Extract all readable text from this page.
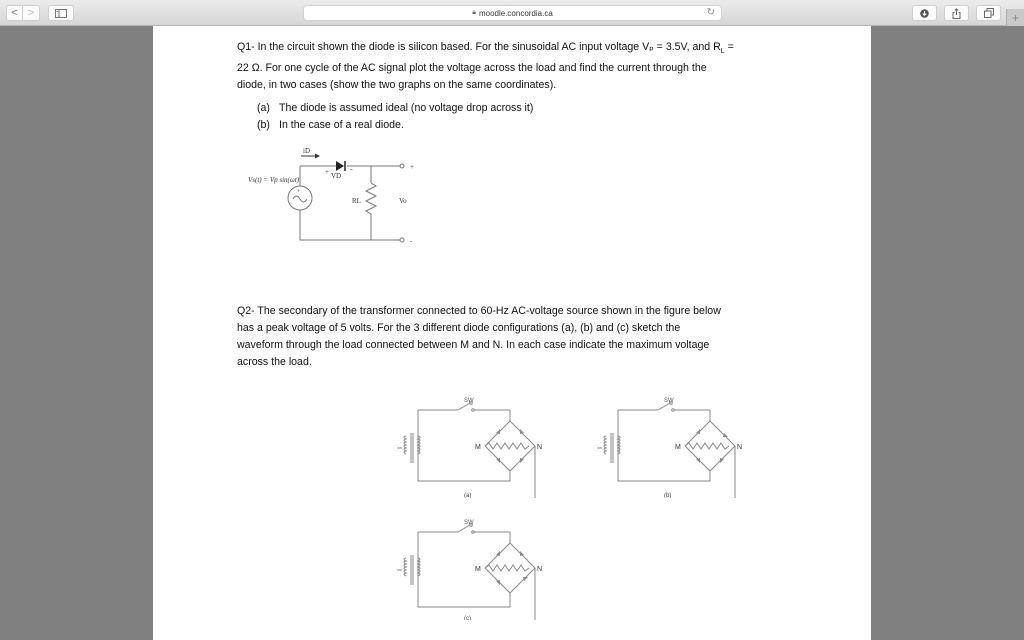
< >	🔒︎ moodle.concordia.ca	↻	+
Q1- In the circuit shown the diode is silicon based. For the sinusoidal AC input voltage Vₚ = 3.5V, and $R_L$ =
22 Ω. For one cycle of the AC signal plot the voltage across the load and find the current through the
diode, in two cases (show the two graphs on the same coordinates).
(a) The diode is assumed ideal (no voltage drop across it)
(b) In the case of a real diode.
iD
VD
+	-	+
-
Vs(t) = Vp sin(ωt)
RL	Vo
+
Q2- The secondary of the transformer connected to 60-Hz AC-voltage source shown in the figure below
has a peak voltage of 5 volts. For the 3 different diode configurations (a), (b) and (c) sketch the
waveform through the load connected between M and N. In each case indicate the maximum voltage
across the load.
SW
M	N
(a)
SW
M	N
(b)
SW
M	N
(c)
